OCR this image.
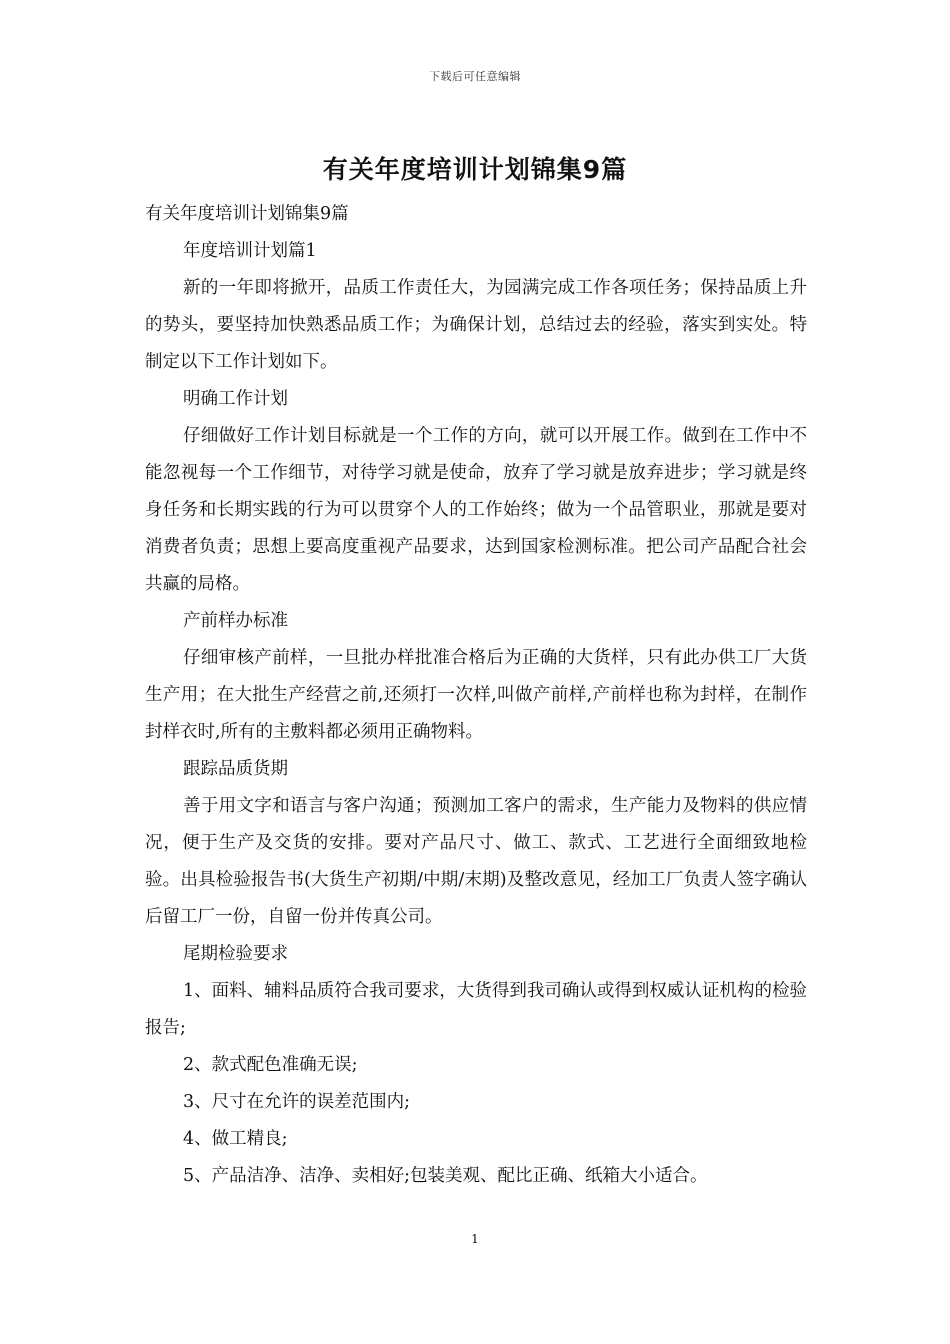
下载后可任意编辑
有关年度培训计划锦集9篇

有关年度培训计划锦集9篇

年度培训计划篇1

新的一年即将掀开，品质工作责任大，为园满完成工作各项任务；保持品质上升的势头，要坚持加快熟悉品质工作；为确保计划，总结过去的经验，落实到实处。特制定以下工作计划如下。

明确工作计划

仔细做好工作计划目标就是一个工作的方向，就可以开展工作。做到在工作中不能忽视每一个工作细节，对待学习就是使命，放弃了学习就是放弃进步；学习就是终身任务和长期实践的行为可以贯穿个人的工作始终；做为一个品管职业，那就是要对消费者负责；思想上要高度重视产品要求，达到国家检测标准。把公司产品配合社会共赢的局格。

产前样办标准

仔细审核产前样，一旦批办样批准合格后为正确的大货样，只有此办供工厂大货生产用；在大批生产经营之前,还须打一次样,叫做产前样,产前样也称为封样，在制作封样衣时,所有的主敷料都必须用正确物料。

跟踪品质货期

善于用文字和语言与客户沟通；预测加工客户的需求，生产能力及物料的供应情况，便于生产及交货的安排。要对产品尺寸、做工、款式、工艺进行全面细致地检验。出具检验报告书(大货生产初期/中期/末期)及整改意见，经加工厂负责人签字确认后留工厂一份，自留一份并传真公司。

尾期检验要求

1、面料、辅料品质符合我司要求，大货得到我司确认或得到权威认证机构的检验报告;

2、款式配色准确无误;

3、尺寸在允许的误差范围内;

4、做工精良;

5、产品洁净、洁净、卖相好;包装美观、配比正确、纸箱大小适合。

1
